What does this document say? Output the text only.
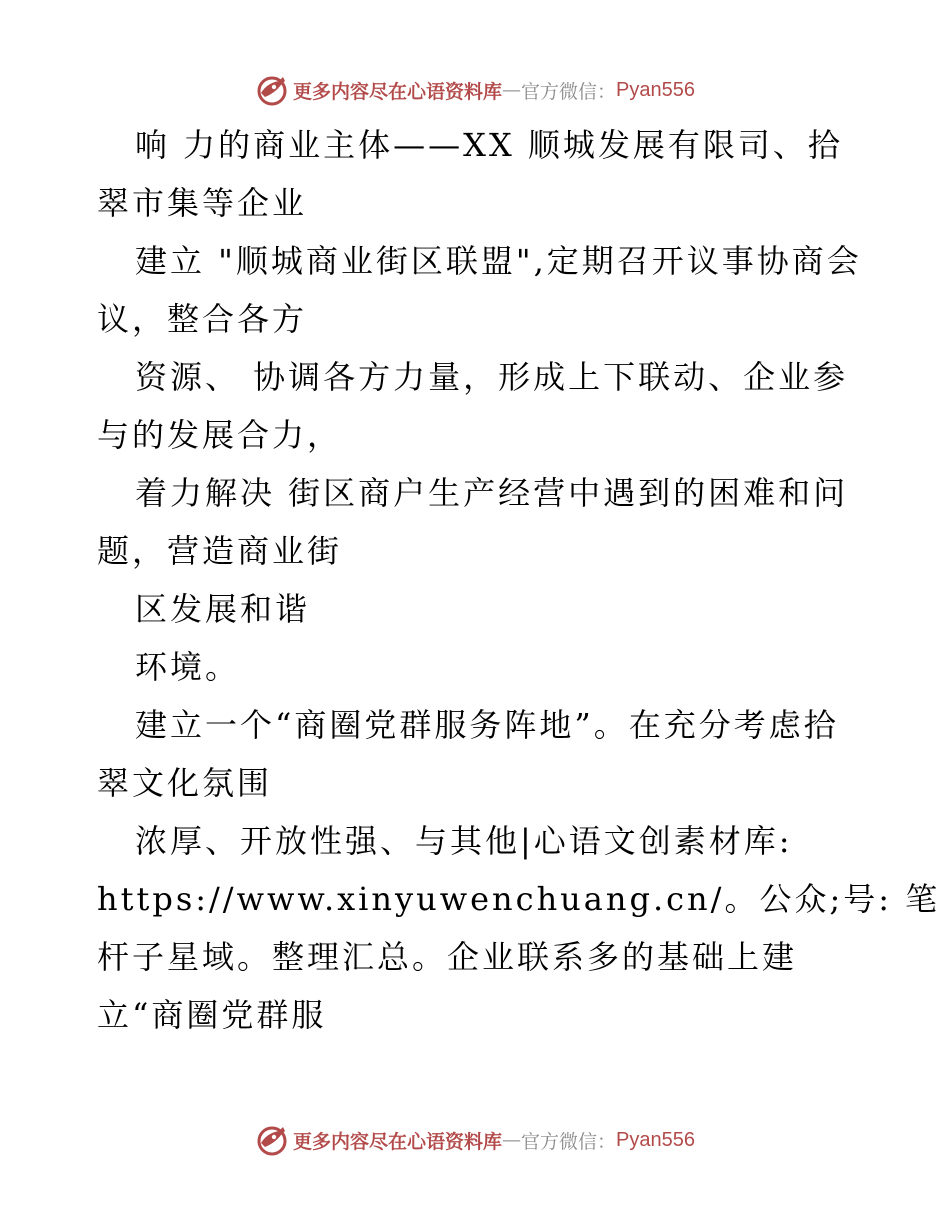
更多内容尽在心语资料库 — 官方微信： Pyan556
响 力的商业主体——XX 顺城发展有限司、拾
翠市集等企业
建立 "顺城商业街区联盟",定期召开议事协商会
议，整合各方
资源、 协调各方力量，形成上下联动、企业参
与的发展合力，
着力解决 街区商户生产经营中遇到的困难和问
题，营造商业街
区发展和谐
环境。
建立一个“商圈党群服务阵地”。在充分考虑拾
翠文化氛围
浓厚、开放性强、与其他|心语文创素材库:
https://www.xinyuwenchuang.cn/。公众;号: 笔
杆子星域。整理汇总。企业联系多的基础上建
立“商圈党群服
更多内容尽在心语资料库 — 官方微信： Pyan556
